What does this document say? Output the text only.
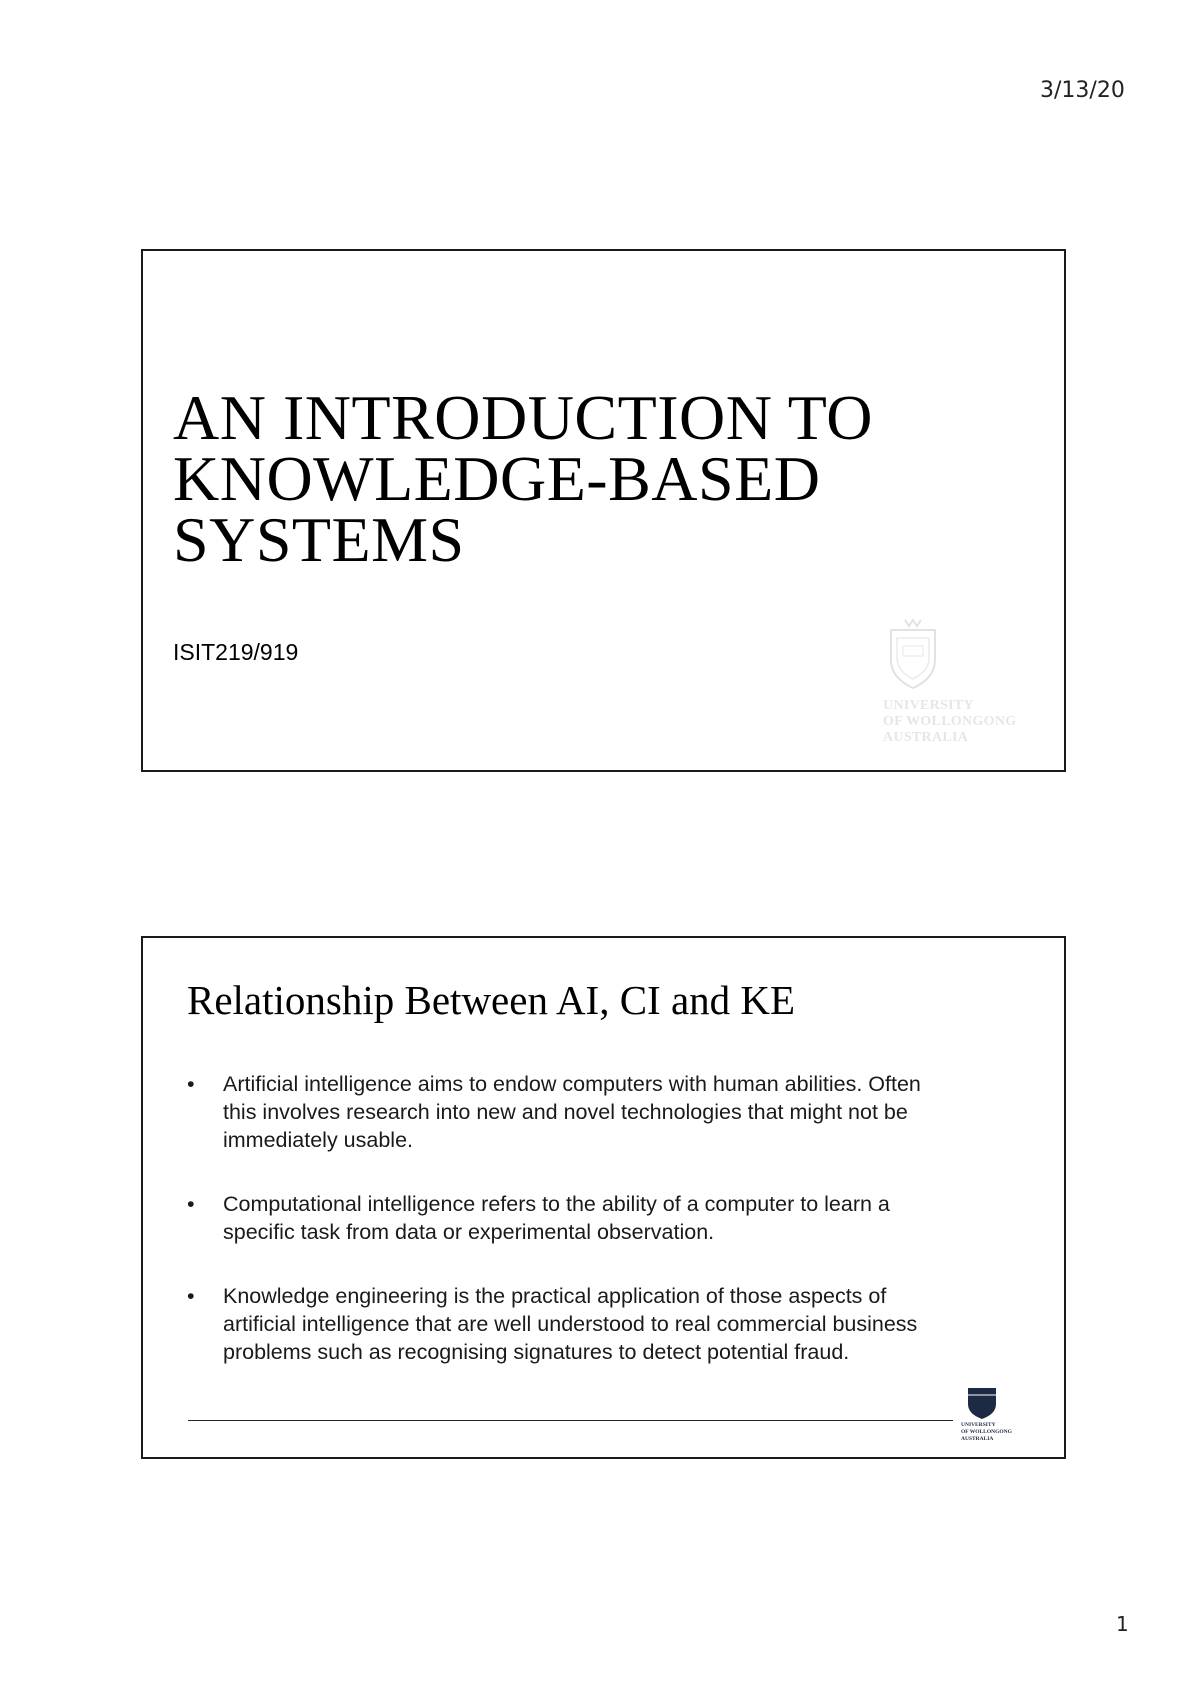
3/13/20
AN INTRODUCTION TO
KNOWLEDGE-BASED
SYSTEMS
ISIT219/919
UNIVERSITY
OF WOLLONGONG
AUSTRALIA
Relationship Between AI, CI and KE
• Artificial intelligence aims to endow computers with human abilities. Often this involves research into new and novel technologies that might not be immediately usable.
• Computational intelligence refers to the ability of a computer to learn a specific task from data or experimental observation.
• Knowledge engineering is the practical application of those aspects of artificial intelligence that are well understood to real commercial business problems such as recognising signatures to detect potential fraud.
UNIVERSITY
OF WOLLONGONG
AUSTRALIA
1
